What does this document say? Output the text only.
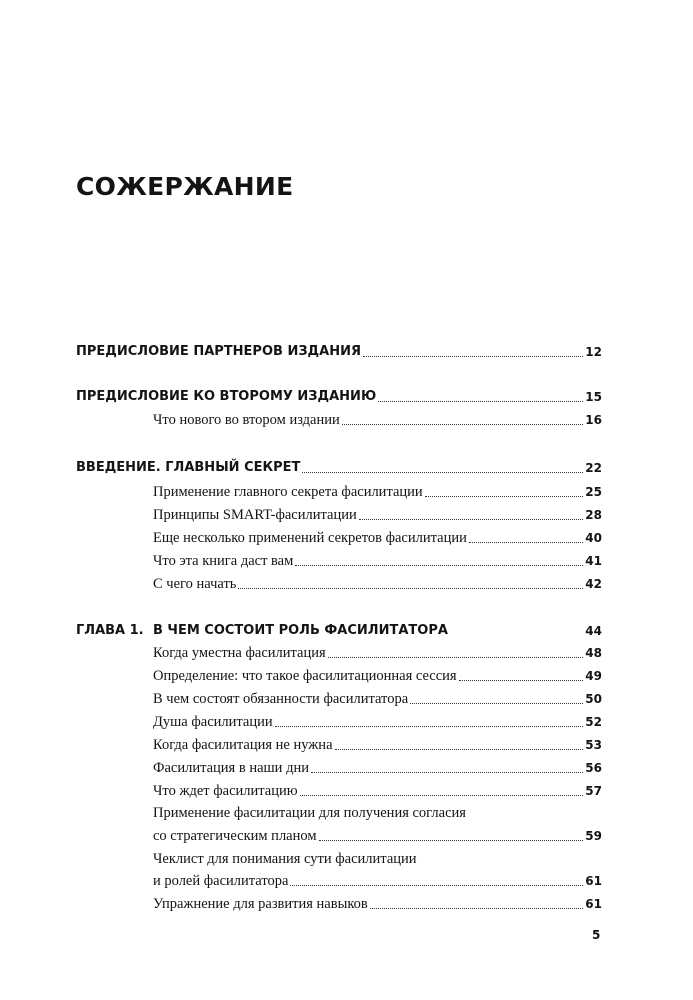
СОЖЕРЖАНИЕ
ПРЕДИСЛОВИЕ ПАРТНЕРОВ ИЗДАНИЯ	12
ПРЕДИСЛОВИЕ КО ВТОРОМУ ИЗДАНИЮ	15
Что нового во втором издании	16
ВВЕДЕНИЕ. ГЛАВНЫЙ СЕКРЕТ	22
Применение главного секрета фасилитации	25
Принципы SMART-фасилитации	28
Еще несколько применений секретов фасилитации	40
Что эта книга даст вам	41
С чего начать	42
ГЛАВА 1. В ЧЕМ СОСТОИТ РОЛЬ ФАСИЛИТАТОРА	44
Когда уместна фасилитация	48
Определение: что такое фасилитационная сессия	49
В чем состоят обязанности фасилитатора	50
Душа фасилитации	52
Когда фасилитация не нужна	53
Фасилитация в наши дни	56
Что ждет фасилитацию	57
Применение фасилитации для получения согласия
со стратегическим планом	59
Чеклист для понимания сути фасилитации
и ролей фасилитатора	61
Упражнение для развития навыков	61
5
